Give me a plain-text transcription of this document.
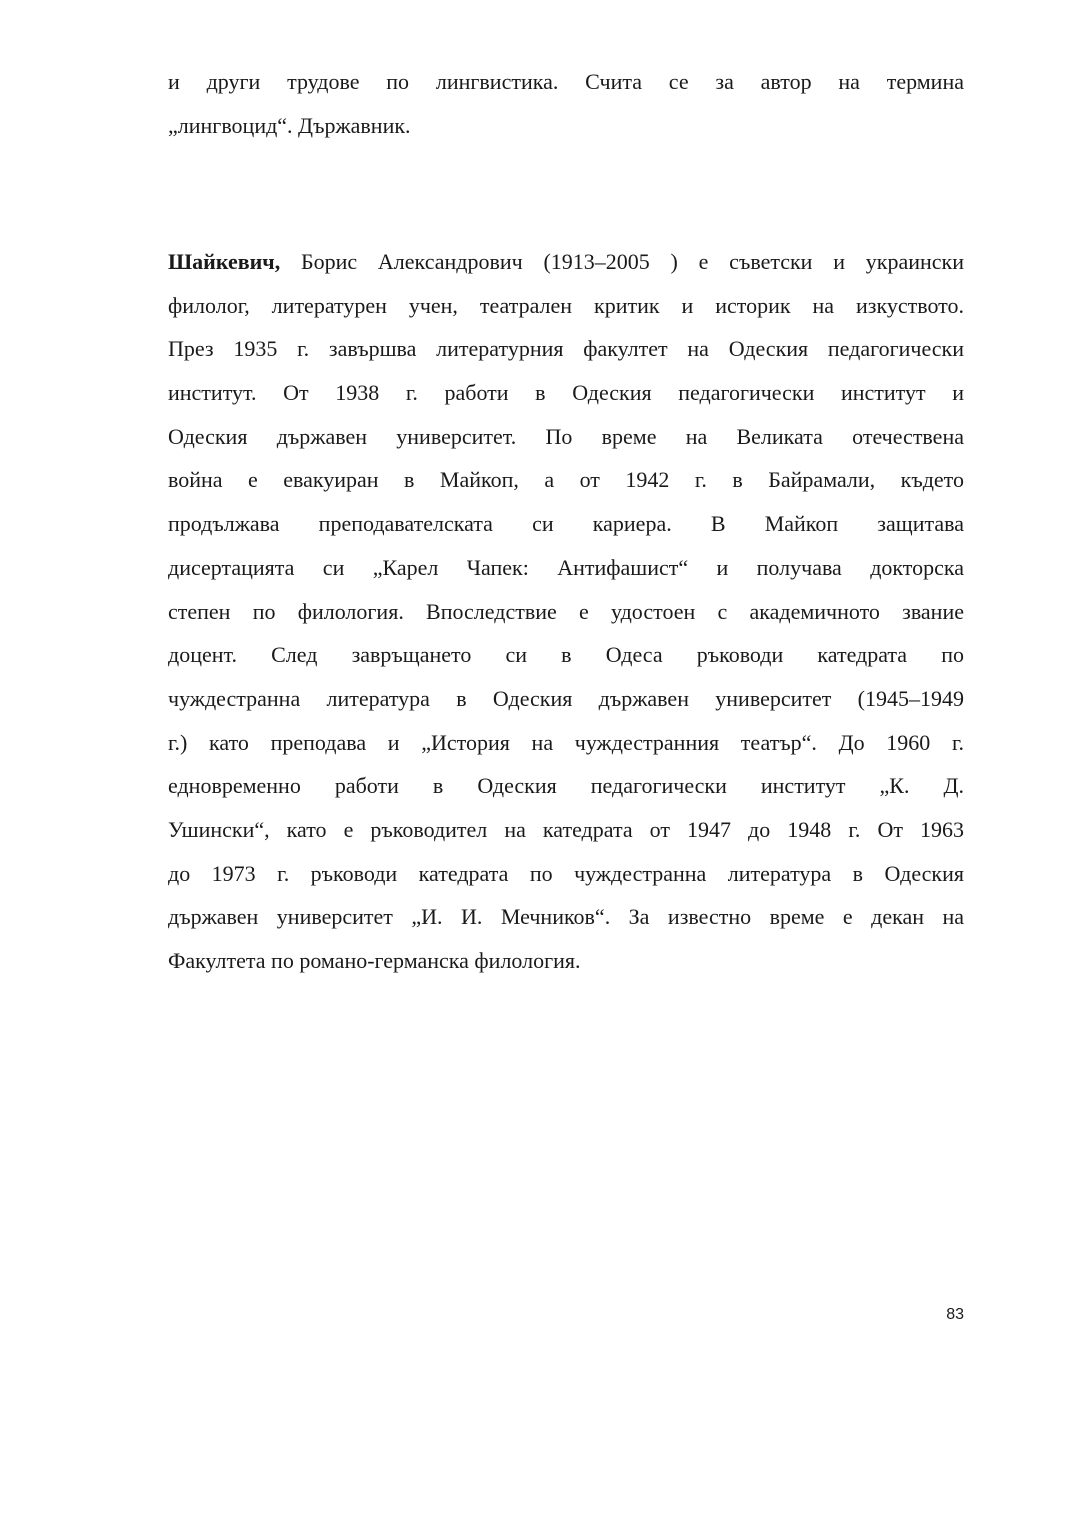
и други трудове по лингвистика. Счита се за автор на термина
„лингвоцид“. Държавник.

Шайкевич, Борис Александрович (1913–2005 ) е съветски и украински
филолог, литературен учен, театрален критик и историк на изкуството.
През 1935 г. завършва литературния факултет на Одеския педагогически
институт. От 1938 г. работи в Одеския педагогически институт и
Одеския държавен университет. По време на Великата отечествена
война е евакуиран в Майкоп, а от 1942 г. в Байрамали, където
продължава преподавателската си кариера. В Майкоп защитава
дисертацията си „Карел Чапек: Антифашист“ и получава докторска
степен по филология. Впоследствие е удостоен с академичното звание
доцент. След завръщането си в Одеса ръководи катедрата по
чуждестранна литература в Одеския държавен университет (1945–1949
г.) като преподава и „История на чуждестранния театър“. До 1960 г.
едновременно работи в Одеския педагогически институт „К. Д.
Ушински“, като е ръководител на катедрата от 1947 до 1948 г. От 1963
до 1973 г. ръководи катедрата по чуждестранна литература в Одеския
държавен университет „И. И. Мечников“. За известно време е декан на
Факултета по романо-германска филология.

83
